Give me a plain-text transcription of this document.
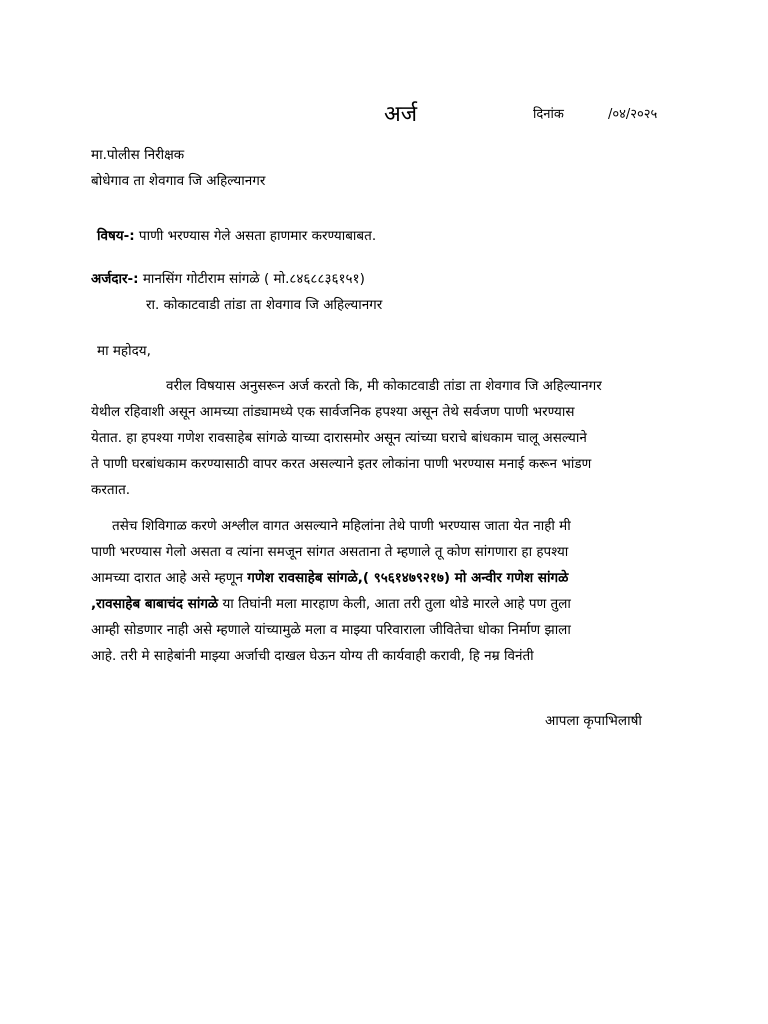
अर्ज	दिनांक	/०४/२०२५
मा.पोलीस निरीक्षक
बोधेगाव ता शेवगाव जि अहिल्यानगर
विषय-: पाणी भरण्यास गेले असता हाणमार करण्याबाबत.
अर्जदार-: मानसिंग गोटीराम सांगळे ( मो.८४६८८३६१५१)
रा. कोकाटवाडी तांडा ता शेवगाव जि अहिल्यानगर
मा महोदय,
वरील विषयास अनुसरून अर्ज करतो कि, मी कोकाटवाडी तांडा ता शेवगाव जि अहिल्यानगर
येथील रहिवाशी असून आमच्या तांड्यामध्ये एक सार्वजनिक हपश्या असून तेथे सर्वजण पाणी भरण्यास
येतात. हा हपश्या गणेश रावसाहेब सांगळे याच्या दारासमोर असून त्यांच्या घराचे बांधकाम चालू असल्याने
ते पाणी घरबांधकाम करण्यासाठी वापर करत असल्याने इतर लोकांना पाणी भरण्यास मनाई करून भांडण
करतात.
तसेच शिविगाळ करणे अश्लील वागत असल्याने महिलांना तेथे पाणी भरण्यास जाता येत नाही मी
पाणी भरण्यास गेलो असता व त्यांना समजून सांगत असताना ते म्हणाले तू कोण सांगणारा हा हपश्या
आमच्या दारात आहे असे म्हणून गणेश रावसाहेब सांगळे,( ९५६१४७९२१७) मो अन्वीर गणेश सांगळे
,रावसाहेब बाबाचंद सांगळे या तिघांनी मला मारहाण केली, आता तरी तुला थोडे मारले आहे पण तुला
आम्ही सोडणार नाही असे म्हणाले यांच्यामुळे मला व माझ्या परिवाराला जीवितेचा धोका निर्माण झाला
आहे. तरी मे साहेबांनी माझ्या अर्जाची दाखल घेऊन योग्य ती कार्यवाही करावी, हि नम्र विनंती
आपला कृपाभिलाषी
